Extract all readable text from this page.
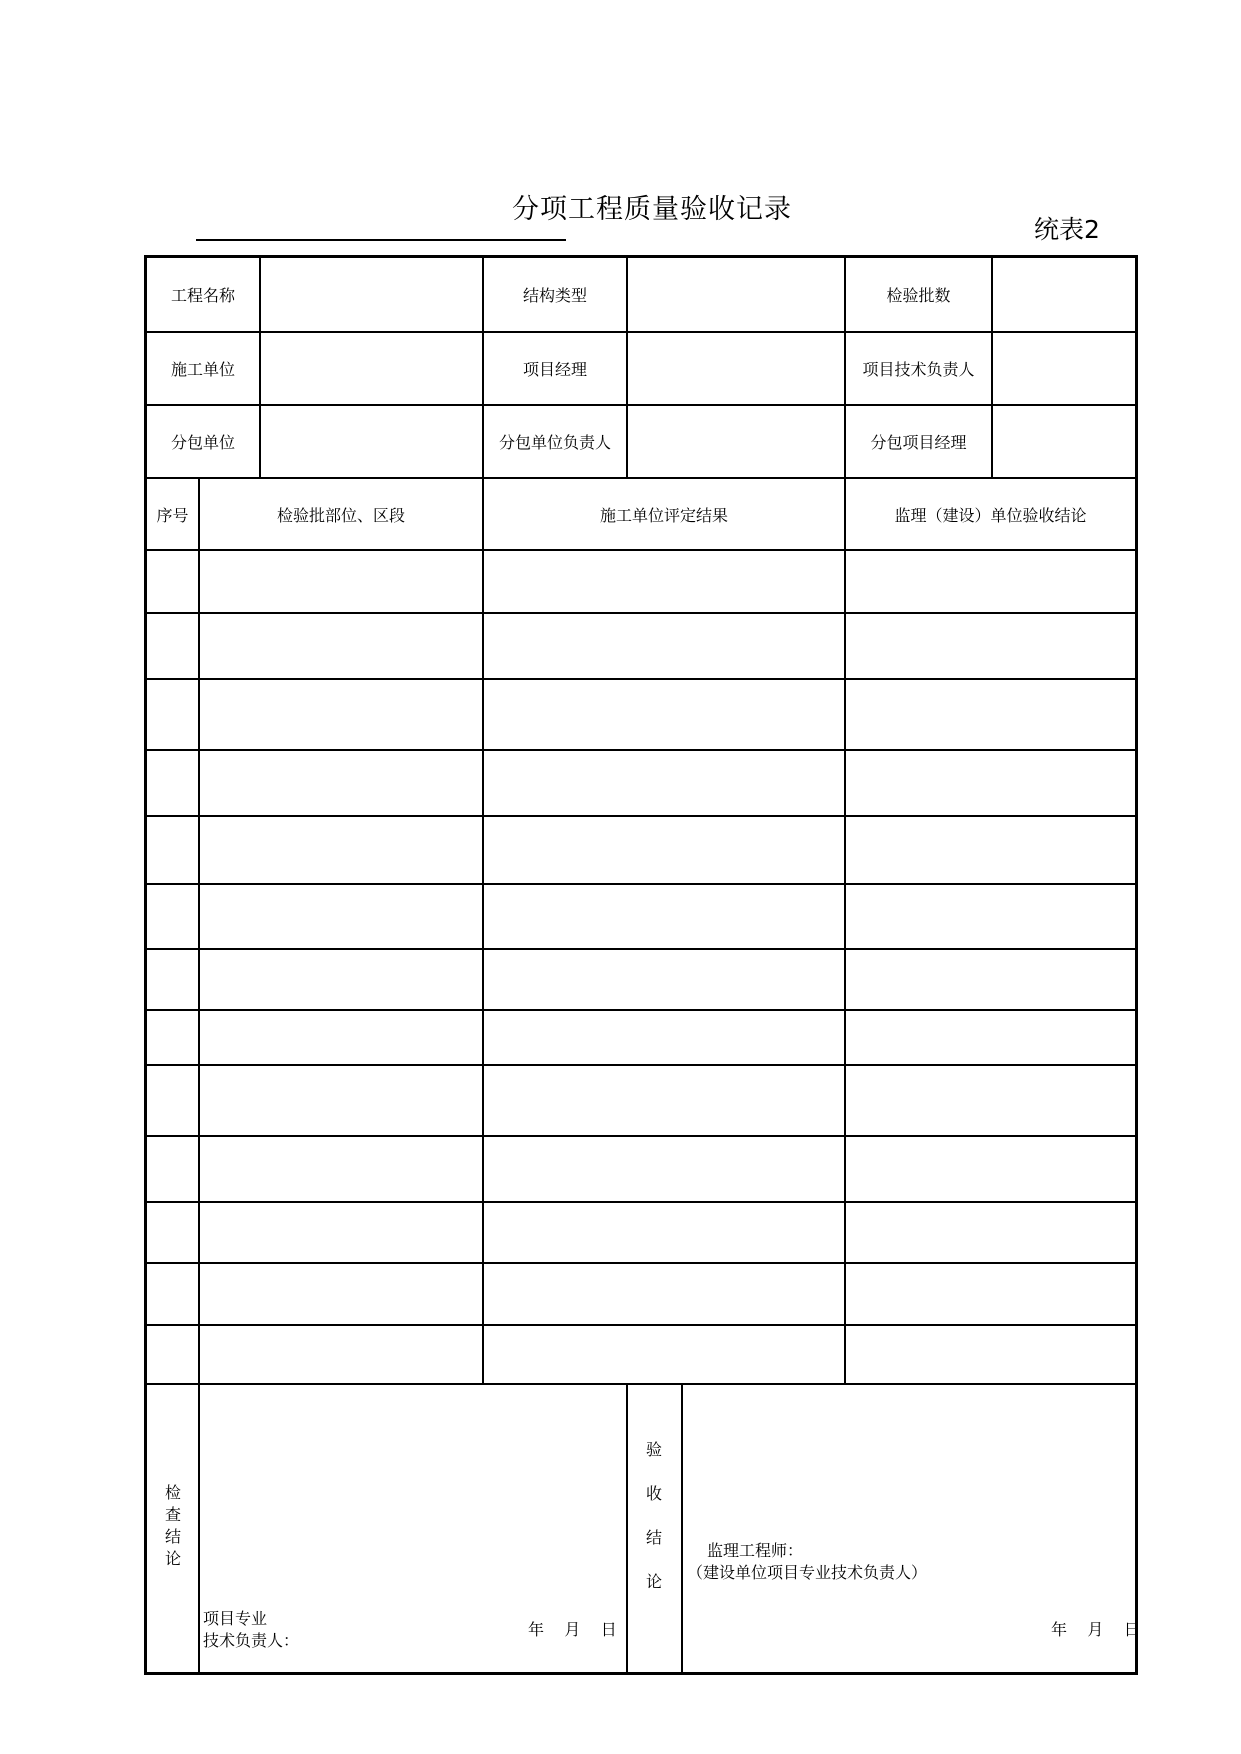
分项工程质量验收记录
统表2
工程名称	结构类型	检验批数
施工单位	项目经理	项目技术负责人
分包单位	分包单位负责人	分包项目经理
序号	检验批部位、区段	施工单位评定结果	监理（建设）单位验收结论
检
查
结
论
项目专业
技术负责人：
年    月    日
验
收
结
论
监理工程师：
（建设单位项目专业技术负责人）
年    月    日
